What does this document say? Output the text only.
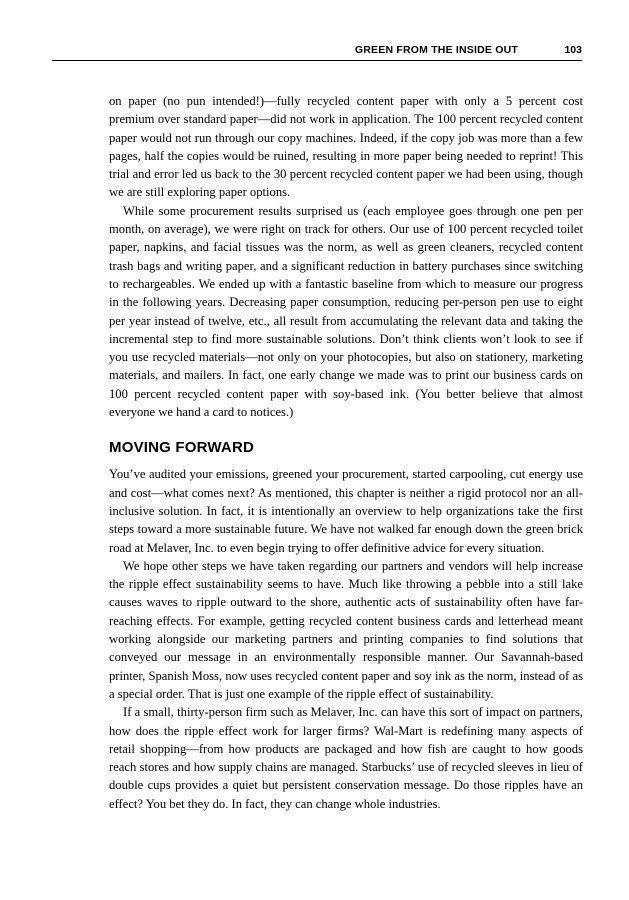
GREEN FROM THE INSIDE OUT	103

on paper (no pun intended!)—fully recycled content paper with only a 5 percent cost premium over standard paper—did not work in application. The 100 percent recycled content paper would not run through our copy machines. Indeed, if the copy job was more than a few pages, half the copies would be ruined, resulting in more paper being needed to reprint! This trial and error led us back to the 30 percent recycled content paper we had been using, though we are still exploring paper options.

While some procurement results surprised us (each employee goes through one pen per month, on average), we were right on track for others. Our use of 100 percent recycled toilet paper, napkins, and facial tissues was the norm, as well as green cleaners, recycled content trash bags and writing paper, and a significant reduction in battery purchases since switching to rechargeables. We ended up with a fantastic baseline from which to measure our progress in the following years. Decreasing paper consumption, reducing per-person pen use to eight per year instead of twelve, etc., all result from accumulating the relevant data and taking the incremental step to find more sustainable solutions. Don’t think clients won’t look to see if you use recycled materials—not only on your photocopies, but also on stationery, marketing materials, and mailers. In fact, one early change we made was to print our business cards on 100 percent recycled content paper with soy-based ink. (You better believe that almost everyone we hand a card to notices.)

MOVING FORWARD

You’ve audited your emissions, greened your procurement, started carpooling, cut energy use and cost—what comes next? As mentioned, this chapter is neither a rigid protocol nor an all-inclusive solution. In fact, it is intentionally an overview to help organizations take the first steps toward a more sustainable future. We have not walked far enough down the green brick road at Melaver, Inc. to even begin trying to offer definitive advice for every situation.

We hope other steps we have taken regarding our partners and vendors will help increase the ripple effect sustainability seems to have. Much like throwing a pebble into a still lake causes waves to ripple outward to the shore, authentic acts of sustainability often have far-reaching effects. For example, getting recycled content business cards and letterhead meant working alongside our marketing partners and printing companies to find solutions that conveyed our message in an environmentally responsible manner. Our Savannah-based printer, Spanish Moss, now uses recycled content paper and soy ink as the norm, instead of as a special order. That is just one example of the ripple effect of sustainability.

If a small, thirty-person firm such as Melaver, Inc. can have this sort of impact on partners, how does the ripple effect work for larger firms? Wal-Mart is redefining many aspects of retail shopping—from how products are packaged and how fish are caught to how goods reach stores and how supply chains are managed. Starbucks’ use of recycled sleeves in lieu of double cups provides a quiet but persistent conservation message. Do those ripples have an effect? You bet they do. In fact, they can change whole industries.
